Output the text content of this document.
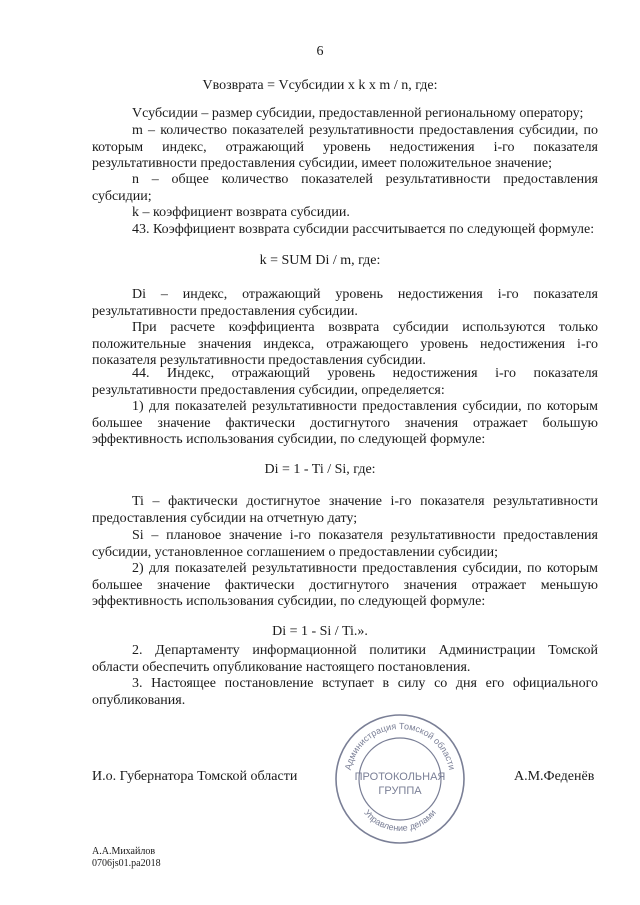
6
Vвозврата = Vсубсидии x k x m / n, где:

Vсубсидии – размер субсидии, предоставленной региональному оператору;

m – количество показателей результативности предоставления субсидии, по которым индекс, отражающий уровень недостижения i-го показателя результативности предоставления субсидии, имеет положительное значение;

n – общее количество показателей результативности предоставления субсидии;

k – коэффициент возврата субсидии.

43. Коэффициент возврата субсидии рассчитывается по следующей формуле:

k = SUM Di / m, где:

Di – индекс, отражающий уровень недостижения i-го показателя результативности предоставления субсидии.

При расчете коэффициента возврата субсидии используются только положительные значения индекса, отражающего уровень недостижения i-го показателя результативности предоставления субсидии.

44. Индекс, отражающий уровень недостижения i-го показателя результативности предоставления субсидии, определяется:

1) для показателей результативности предоставления субсидии, по которым большее значение фактически достигнутого значения отражает большую эффективность использования субсидии, по следующей формуле:

Di = 1 - Ti / Si, где:

Ti – фактически достигнутое значение i-го показателя результативности предоставления субсидии на отчетную дату;

Si – плановое значение i-го показателя результативности предоставления субсидии, установленное соглашением о предоставлении субсидии;

2) для показателей результативности предоставления субсидии, по которым большее значение фактически достигнутого значения отражает меньшую эффективность использования субсидии, по следующей формуле:

Di = 1 - Si / Ti.».

2. Департаменту информационной политики Администрации Томской области обеспечить опубликование настоящего постановления.

3. Настоящее постановление вступает в силу со дня его официального опубликования.

И.о. Губернатора Томской области	А.М.Феденёв
Администрация Томской области
Управление делами
ПРОТОКОЛЬНАЯ
ГРУППА
А.А.Михайлов
0706js01.pa2018
